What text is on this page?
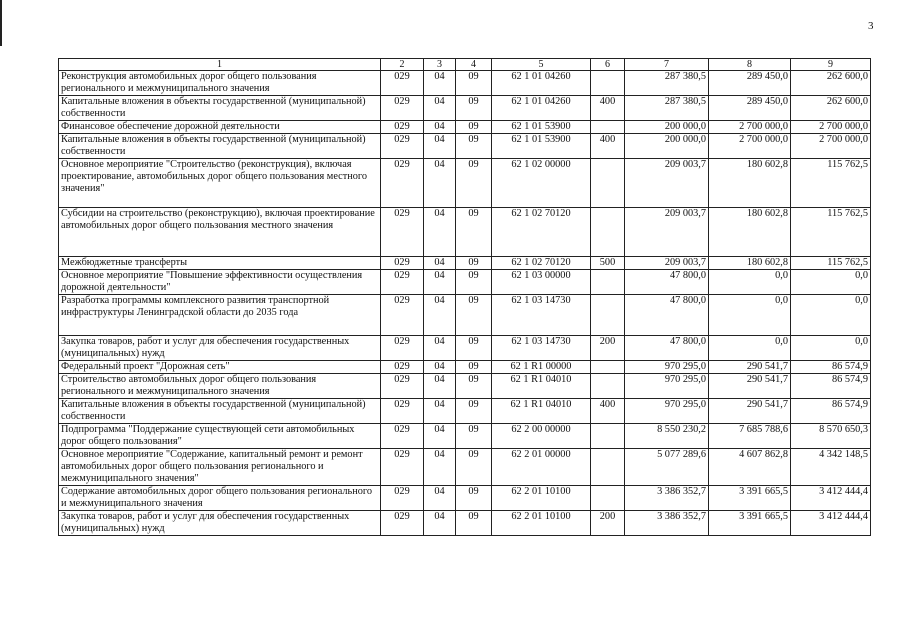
3
1	2	3	4	5	6	7	8	9
Реконструкция автомобильных дорог общего пользования регионального и межмуниципального значения	029	04	09	62 1 01 04260		287 380,5	289 450,0	262 600,0
Капитальные вложения в объекты государственной (муниципальной) собственности	029	04	09	62 1 01 04260	400	287 380,5	289 450,0	262 600,0
Финансовое обеспечение дорожной деятельности	029	04	09	62 1 01 53900		200 000,0	2 700 000,0	2 700 000,0
Капитальные вложения в объекты государственной (муниципальной) собственности	029	04	09	62 1 01 53900	400	200 000,0	2 700 000,0	2 700 000,0
Основное мероприятие "Строительство (реконструкция), включая проектирование, автомобильных дорог общего пользования местного значения"	029	04	09	62 1 02 00000		209 003,7	180 602,8	115 762,5
Субсидии на строительство (реконструкцию), включая проектирование автомобильных дорог общего пользования местного значения	029	04	09	62 1 02 70120		209 003,7	180 602,8	115 762,5
Межбюджетные трансферты	029	04	09	62 1 02 70120	500	209 003,7	180 602,8	115 762,5
Основное мероприятие "Повышение эффективности осуществления дорожной деятельности"	029	04	09	62 1 03 00000		47 800,0	0,0	0,0
Разработка программы комплексного развития транспортной инфраструктуры Ленинградской области до 2035 года	029	04	09	62 1 03 14730		47 800,0	0,0	0,0
Закупка товаров, работ и услуг для обеспечения государственных (муниципальных) нужд	029	04	09	62 1 03 14730	200	47 800,0	0,0	0,0
Федеральный проект "Дорожная сеть"	029	04	09	62 1 R1 00000		970 295,0	290 541,7	86 574,9
Строительство автомобильных дорог общего пользования регионального и межмуниципального значения	029	04	09	62 1 R1 04010		970 295,0	290 541,7	86 574,9
Капитальные вложения в объекты государственной (муниципальной) собственности	029	04	09	62 1 R1 04010	400	970 295,0	290 541,7	86 574,9
Подпрограмма "Поддержание существующей сети автомобильных дорог общего пользования"	029	04	09	62 2 00 00000		8 550 230,2	7 685 788,6	8 570 650,3
Основное мероприятие "Содержание, капитальный ремонт и ремонт автомобильных дорог общего пользования регионального и межмуниципального значения"	029	04	09	62 2 01 00000		5 077 289,6	4 607 862,8	4 342 148,5
Содержание автомобильных дорог общего пользования регионального и межмуниципального значения	029	04	09	62 2 01 10100		3 386 352,7	3 391 665,5	3 412 444,4
Закупка товаров, работ и услуг для обеспечения государственных (муниципальных) нужд	029	04	09	62 2 01 10100	200	3 386 352,7	3 391 665,5	3 412 444,4
